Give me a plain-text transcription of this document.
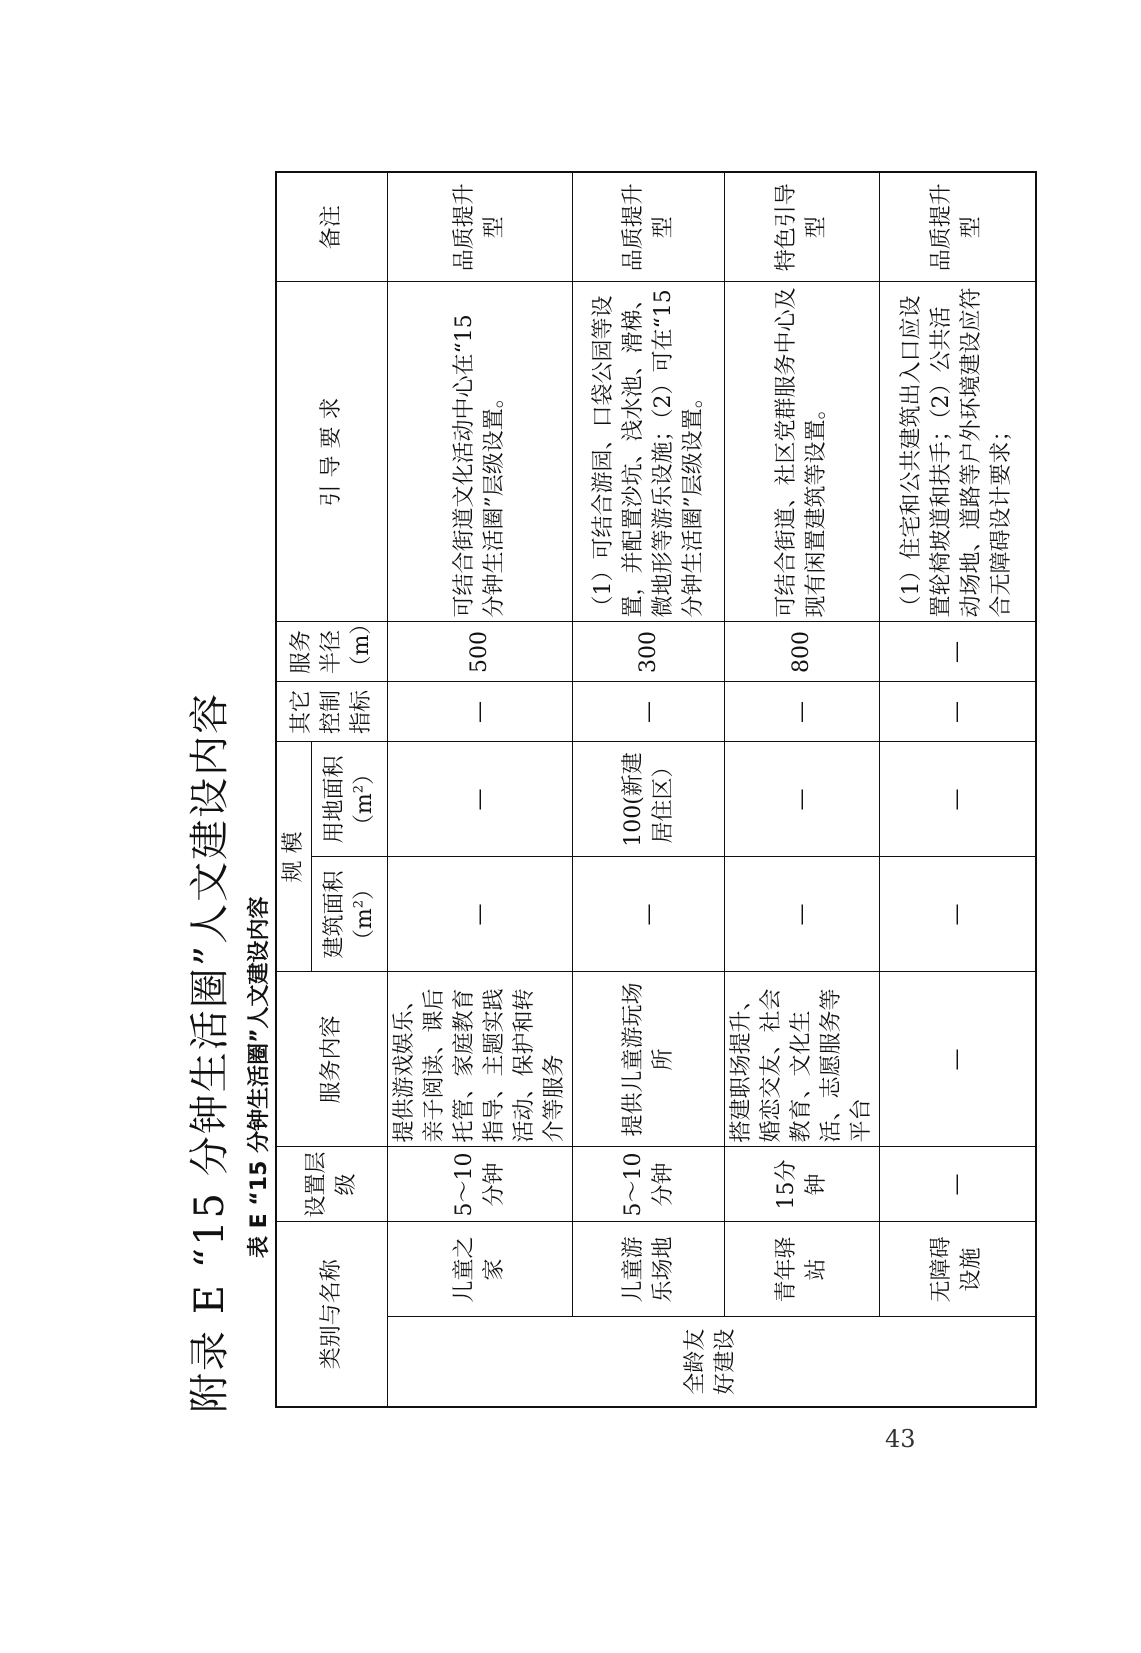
附录 E “15 分钟生活圈”人文建设内容 表 E “15 分钟生活圈”人文建设内容
类别与名称		设置层级	服务内容	规 模		其它控制指标	服务半径（m）	引 导 要 求	备注
				建筑面积 $(m^2)$	用地面积 $(m^2)$				
全龄友好建设	儿童之家	5～10分钟	提供游戏娱乐、亲子阅读、课后托管、家庭教育指导、主题实践活动、保护和转介等服务	—	—	—	500	可结合街道文化活动中心在“15 分钟生活圈”层级设置。	品质提升型
	儿童游乐场地	5～10分钟	提供儿童游玩场所	—	100(新建居住区）	—	300	（1）可结合游园、口袋公园等设置，并配置沙坑、浅水池、滑梯、微地形等游乐设施；（2）可在“15 分钟生活圈”层级设置。	品质提升型
	青年驿站	15分钟	搭建职场提升、婚恋交友、社会教育、文化生活、志愿服务等平台	—	—	—	800	可结合街道、社区党群服务中心及现有闲置建筑等设置。	特色引导型
	无障碍设施	—	—	—	—	—	—	（1）住宅和公共建筑出入口应设置轮椅坡道和扶手；（2）公共活动场地、道路等户外环境建设应符合无障碍设计要求；	品质提升型
43
